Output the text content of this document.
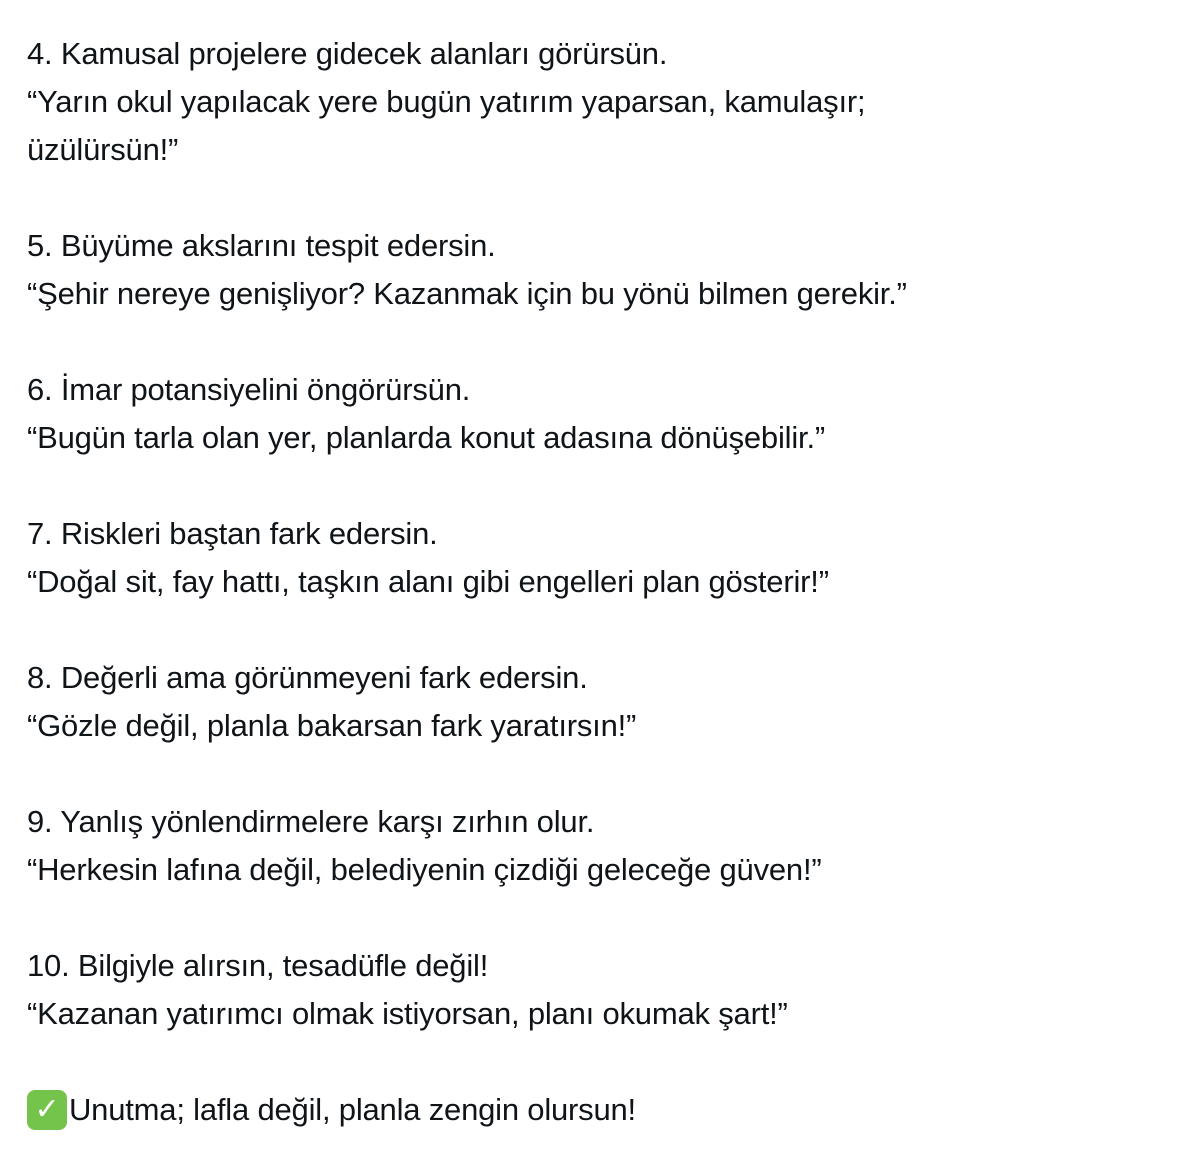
4. Kamusal projelere gidecek alanları görürsün.
“Yarın okul yapılacak yere bugün yatırım yaparsan, kamulaşır;
üzülürsün!”
5. Büyüme akslarını tespit edersin.
“Şehir nereye genişliyor? Kazanmak için bu yönü bilmen gerekir.”
6. İmar potansiyelini öngörürsün.
“Bugün tarla olan yer, planlarda konut adasına dönüşebilir.”
7. Riskleri baştan fark edersin.
“Doğal sit, fay hattı, taşkın alanı gibi engelleri plan gösterir!”
8. Değerli ama görünmeyeni fark edersin.
“Gözle değil, planla bakarsan fark yaratırsın!”
9. Yanlış yönlendirmelere karşı zırhın olur.
“Herkesin lafına değil, belediyenin çizdiği geleceğe güven!”
10. Bilgiyle alırsın, tesadüfle değil!
“Kazanan yatırımcı olmak istiyorsan, planı okumak şart!”
✓ Unutma; lafla değil, planla zengin olursun!
